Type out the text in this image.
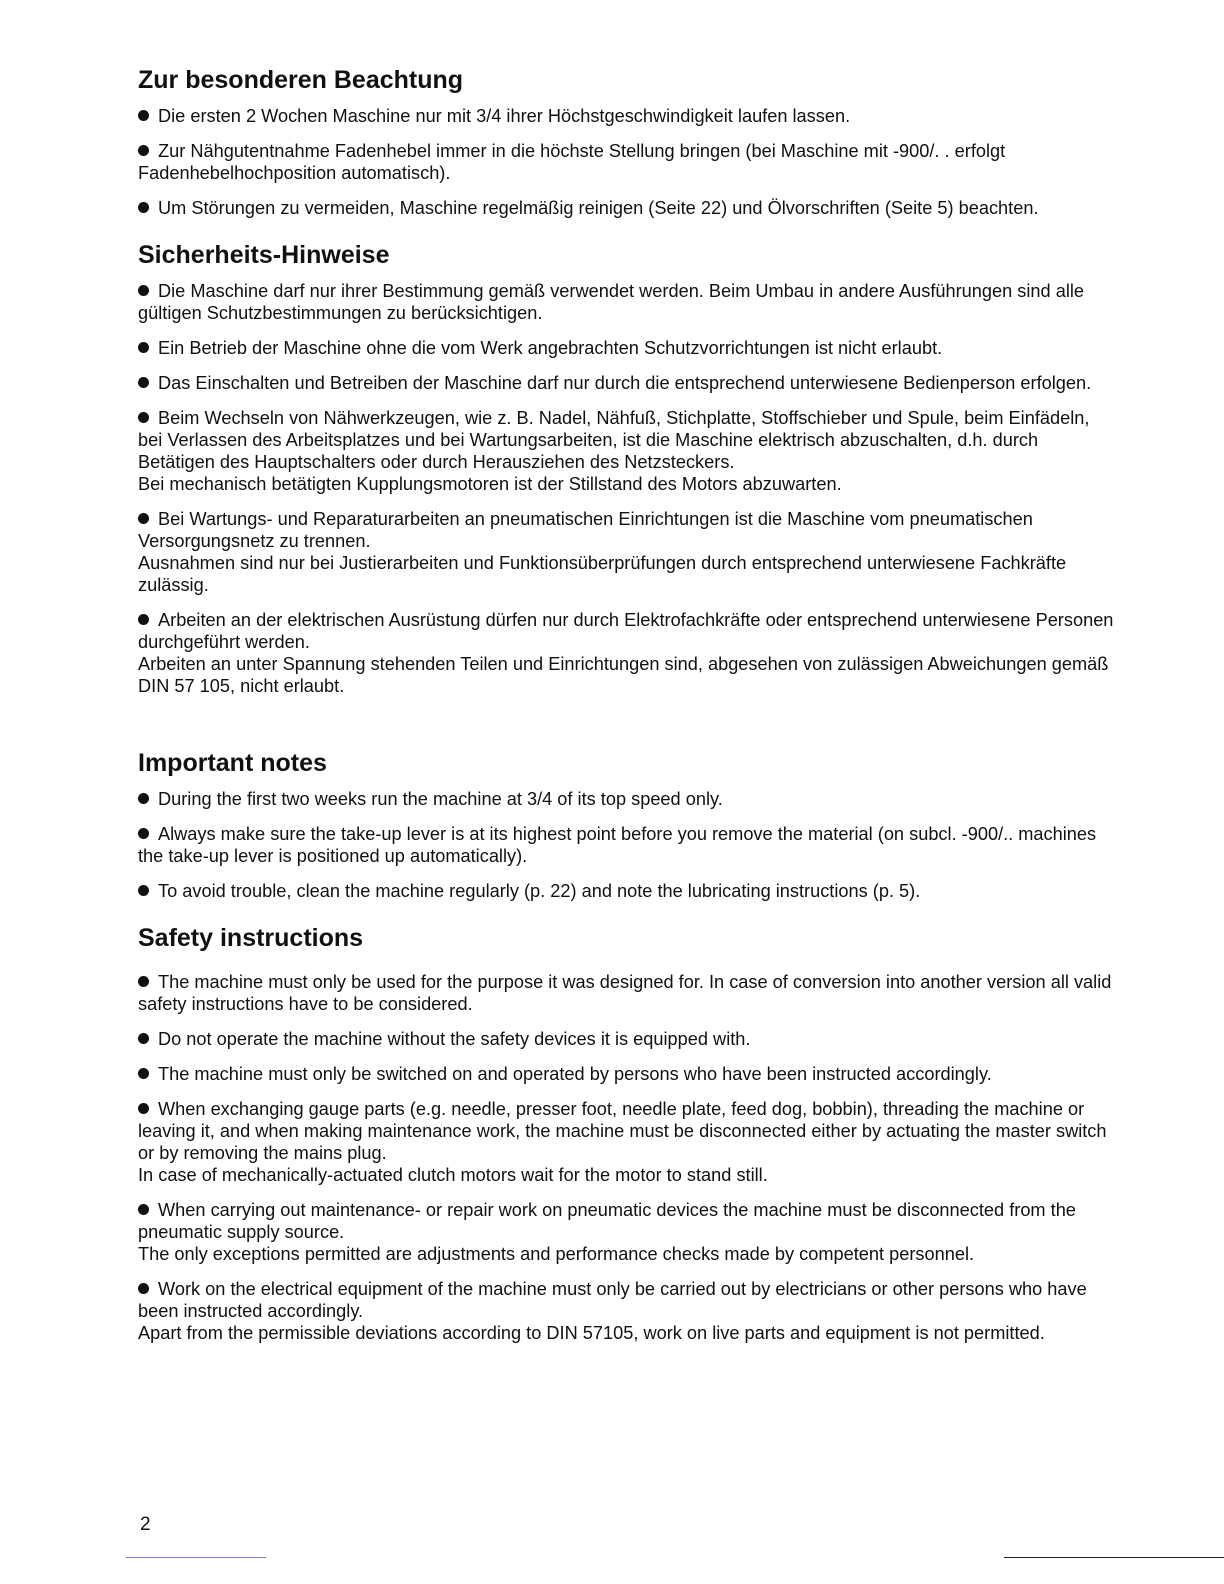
Zur besonderen Beachtung

Die ersten 2 Wochen Maschine nur mit 3/4 ihrer Höchstgeschwindigkeit laufen lassen.

Zur Nähgutentnahme Fadenhebel immer in die höchste Stellung bringen (bei Maschine mit -900/. . erfolgt Fadenhebelhochposition automatisch).

Um Störungen zu vermeiden, Maschine regelmäßig reinigen (Seite 22) und Ölvorschriften (Seite 5) beachten.

Sicherheits-Hinweise

Die Maschine darf nur ihrer Bestimmung gemäß verwendet werden. Beim Umbau in andere Ausführungen sind alle gültigen Schutzbestimmungen zu berücksichtigen.

Ein Betrieb der Maschine ohne die vom Werk angebrachten Schutzvorrichtungen ist nicht erlaubt.

Das Einschalten und Betreiben der Maschine darf nur durch die entsprechend unterwiesene Bedienperson erfolgen.

Beim Wechseln von Nähwerkzeugen, wie z. B. Nadel, Nähfuß, Stichplatte, Stoffschieber und Spule, beim Einfädeln, bei Verlassen des Arbeitsplatzes und bei Wartungsarbeiten, ist die Maschine elektrisch abzuschalten, d.h. durch Betätigen des Hauptschalters oder durch Herausziehen des Netzsteckers.
Bei mechanisch betätigten Kupplungsmotoren ist der Stillstand des Motors abzuwarten.

Bei Wartungs- und Reparaturarbeiten an pneumatischen Einrichtungen ist die Maschine vom pneumatischen Versorgungsnetz zu trennen.
Ausnahmen sind nur bei Justierarbeiten und Funktionsüberprüfungen durch entsprechend unterwiesene Fachkräfte zulässig.

Arbeiten an der elektrischen Ausrüstung dürfen nur durch Elektrofachkräfte oder entsprechend unterwiesene Personen durchgeführt werden.
Arbeiten an unter Spannung stehenden Teilen und Einrichtungen sind, abgesehen von zulässigen Abweichungen gemäß DIN 57 105, nicht erlaubt.

Important notes

During the first two weeks run the machine at 3/4 of its top speed only.

Always make sure the take-up lever is at its highest point before you remove the material (on subcl. -900/.. machines the take-up lever is positioned up automatically).

To avoid trouble, clean the machine regularly (p. 22) and note the lubricating instructions (p. 5).

Safety instructions

The machine must only be used for the purpose it was designed for. In case of conversion into another version all valid safety instructions have to be considered.

Do not operate the machine without the safety devices it is equipped with.

The machine must only be switched on and operated by persons who have been instructed accordingly.

When exchanging gauge parts (e.g. needle, presser foot, needle plate, feed dog, bobbin), threading the machine or leaving it, and when making maintenance work, the machine must be disconnected either by actuating the master switch or by removing the mains plug.
In case of mechanically-actuated clutch motors wait for the motor to stand still.

When carrying out maintenance- or repair work on pneumatic devices the machine must be disconnected from the pneumatic supply source.
The only exceptions permitted are adjustments and performance checks made by competent personnel.

Work on the electrical equipment of the machine must only be carried out by electricians or other persons who have been instructed accordingly.
Apart from the permissible deviations according to DIN 57105, work on live parts and equipment is not permitted.

2
